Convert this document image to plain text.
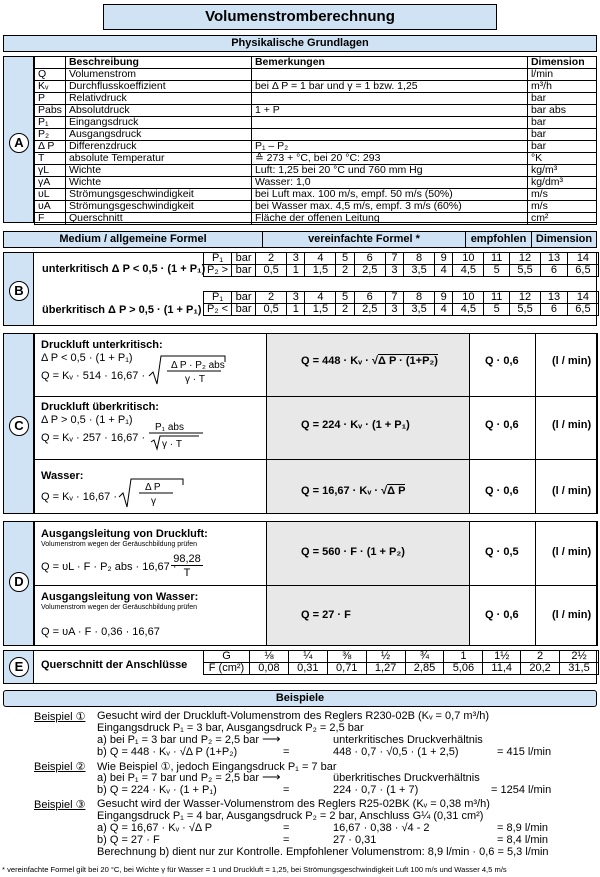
Volumenstromberechnung
Physikalische Grundlagen
A
	Beschreibung	Bemerkungen	Dimension
Q	Volumenstrom		l/min
Kᵥ	Durchflusskoeffizient	bei Δ P = 1 bar und γ = 1 bzw. 1,25	m³/h
P	Relativdruck		bar
Pabs	Absolutdruck	1 + P	bar abs
P₁	Eingangsdruck		bar
P₂	Ausgangsdruck		bar
Δ P	Differenzdruck	P₁ – P₂	bar
T	absolute Temperatur	≙ 273 + °C, bei 20 °C: 293	°K
γL	Wichte	Luft: 1,25 bei 20 °C und 760 mm Hg	kg/m³
γA	Wichte	Wasser: 1,0	kg/dm³
υL	Strömungsgeschwindigkeit	bei Luft max. 100 m/s, empf. 50 m/s (50%)	m/s
υA	Strömungsgeschwindigkeit	bei Wasser max. 4,5 m/s, empf. 3 m/s (60%)	m/s
F	Querschnitt	Fläche der offenen Leitung	cm²
Medium / allgemeine Formel	vereinfachte Formel *	empfohlen Dimension
B
unterkritisch Δ P < 0,5 · (1 + P₁)
überkritisch Δ P > 0,5 · (1 + P₁)
P₁	bar	2	3	4	5	6	7	8	9	10	11	12	13	14
P₂ >	bar	0,5	1	1,5	2	2,5	3	3,5	4	4,5	5	5,5	6	6,5
P₁	bar	2	3	4	5	6	7	8	9	10	11	12	13	14
P₂ <	bar	0,5	1	1,5	2	2,5	3	3,5	4	4,5	5	5,5	6	6,5
C
Druckluft unterkritisch:
Δ P < 0,5 · (1 + P₁)
Q = Kᵥ · 514 · 16,67 ·
Δ P · P₂ abs
γ · T
Q = 448 · Kᵥ · √Δ P · (1+P₂)	Q · 0,6	(l / min)
Druckluft überkritisch:
Δ P > 0,5 · (1 + P₁)
Q = Kᵥ · 257 · 16,67 ·
P₁ abs
γ · T
Q = 224 · Kᵥ · (1 + P₁)	Q · 0,6	(l / min)
Wasser:
Q = Kᵥ · 16,67 ·
Δ P
γ
Q = 16,67 · Kᵥ · √Δ P	Q · 0,6	(l / min)
D
Ausgangsleitung von Druckluft:
Volumenstrom wegen der Geräuschbildung prüfen
Q = υL · F · P₂ abs · 16,67 ·
98,28
T
Q = 560 · F · (1 + P₂)	Q · 0,5	(l / min)
Ausgangsleitung von Wasser:
Volumenstrom wegen der Geräuschbildung prüfen
Q = υA · F · 0,36 · 16,67
Q = 27 · F	Q · 0,6	(l / min)
E	Querschnitt der Anschlüsse
G	⅛	¼	⅜	½	¾	1	1½	2	2½
F (cm²)	0,08	0,31	0,71	1,27	2,85	5,06	11,4	20,2	31,5
Beispiele
Beispiel ① Gesucht wird der Druckluft-Volumenstrom des Reglers R230-02B (Kᵥ = 0,7 m³/h)
Eingangsdruck P₁ = 3 bar, Ausgangsdruck P₂ = 2,5 bar
a) bei P₁ = 3 bar und P₂ = 2,5 bar ⟶	unterkritisches Druckverhältnis
b) Q = 448 · Kᵥ · √Δ P (1+P₂)	=	448 · 0,7 · √0,5 · (1 + 2,5)	= 415 l/min
Beispiel ② Wie Beispiel ①, jedoch Eingangsdruck P₁ = 7 bar
a) bei P₁ = 7 bar und P₂ = 2,5 bar ⟶	überkritisches Druckverhältnis
b) Q = 224 · Kᵥ · (1 + P₁)	=	224 · 0,7 · (1 + 7)	= 1254 l/min
Beispiel ③ Gesucht wird der Wasser-Volumenstrom des Reglers R25-02BK (Kᵥ = 0,38 m³/h)
Eingangsdruck P₁ = 4 bar, Ausgangsdruck P₂ = 2 bar, Anschluss G¼ (0,31 cm²)
a) Q = 16,67 · Kᵥ · √Δ P	=	16,67 · 0,38 · √4 - 2	= 8,9 l/min
b) Q = 27 · F	=	27 · 0,31	= 8,4 l/min
Berechnung b) dient nur zur Kontrolle. Empfohlener Volumenstrom: 8,9 l/min · 0,6 = 5,3 l/min
* vereinfachte Formel gilt bei 20 °C, bei Wichte γ für Wasser = 1 und Druckluft = 1,25, bei Strömungsgeschwindigkeit Luft 100 m/s und Wasser 4,5 m/s
